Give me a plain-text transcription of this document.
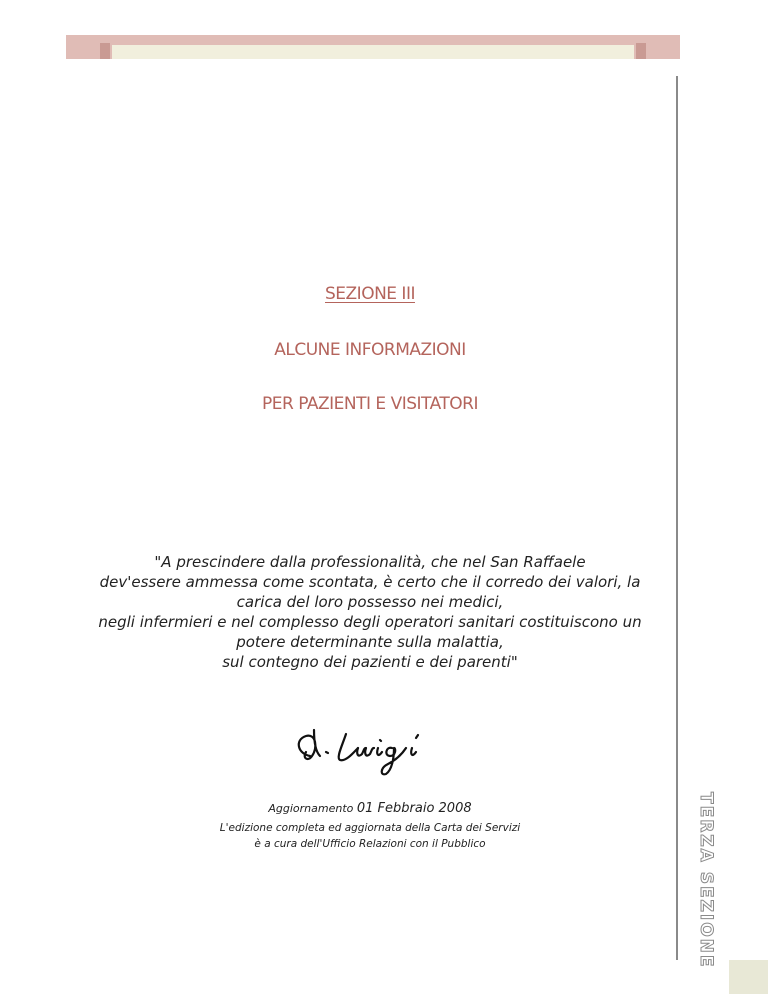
TERZA SEZIONE
SEZIONE III
ALCUNE INFORMAZIONI
PER PAZIENTI E VISITATORI
"A prescindere dalla professionalità, che nel San Raffaele
dev'essere ammessa come scontata, è certo che il corredo dei valori, la
carica del loro possesso nei medici,
negli infermieri e nel complesso degli operatori sanitari costituiscono un
potere determinante sulla malattia,
sul contegno dei pazienti e dei parenti"
Aggiornamento 01 Febbraio 2008
L'edizione completa ed aggiornata della Carta dei Servizi
è a cura dell'Ufficio Relazioni con il Pubblico
